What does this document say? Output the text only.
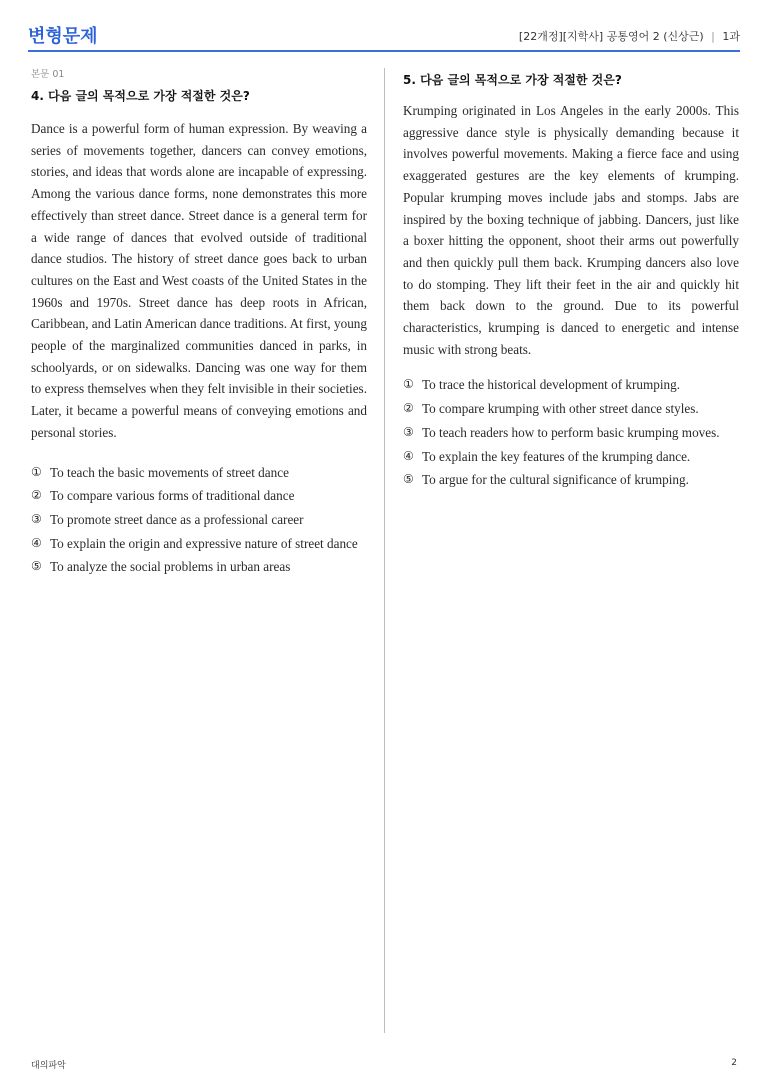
변형문제	[22개정][지학사] 공통영어 2 (신상근) | 1과
본문 01
4. 다음 글의 목적으로 가장 적절한 것은?

Dance is a powerful form of human expression. By weaving a series of movements together, dancers can convey emotions, stories, and ideas that words alone are incapable of expressing. Among the various dance forms, none demonstrates this more effectively than street dance. Street dance is a general term for a wide range of dances that evolved outside of traditional dance studios. The history of street dance goes back to urban cultures on the East and West coasts of the United States in the 1960s and 1970s. Street dance has deep roots in African, Caribbean, and Latin American dance traditions. At first, young people of the marginalized communities danced in parks, in schoolyards, or on sidewalks. Dancing was one way for them to express themselves when they felt invisible in their societies. Later, it became a powerful means of conveying emotions and personal stories.

① To teach the basic movements of street dance
② To compare various forms of traditional dance
③ To promote street dance as a professional career
④ To explain the origin and expressive nature of street dance
⑤ To analyze the social problems in urban areas
5. 다음 글의 목적으로 가장 적절한 것은?

Krumping originated in Los Angeles in the early 2000s. This aggressive dance style is physically demanding because it involves powerful movements. Making a fierce face and using exaggerated gestures are the key elements of krumping. Popular krumping moves include jabs and stomps. Jabs are inspired by the boxing technique of jabbing. Dancers, just like a boxer hitting the opponent, shoot their arms out powerfully and then quickly pull them back. Krumping dancers also love to do stomping. They lift their feet in the air and quickly hit them back down to the ground. Due to its powerful characteristics, krumping is danced to energetic and intense music with strong beats.

① To trace the historical development of krumping.
② To compare krumping with other street dance styles.
③ To teach readers how to perform basic krumping moves.
④ To explain the key features of the krumping dance.
⑤ To argue for the cultural significance of krumping.
대의파악	2
